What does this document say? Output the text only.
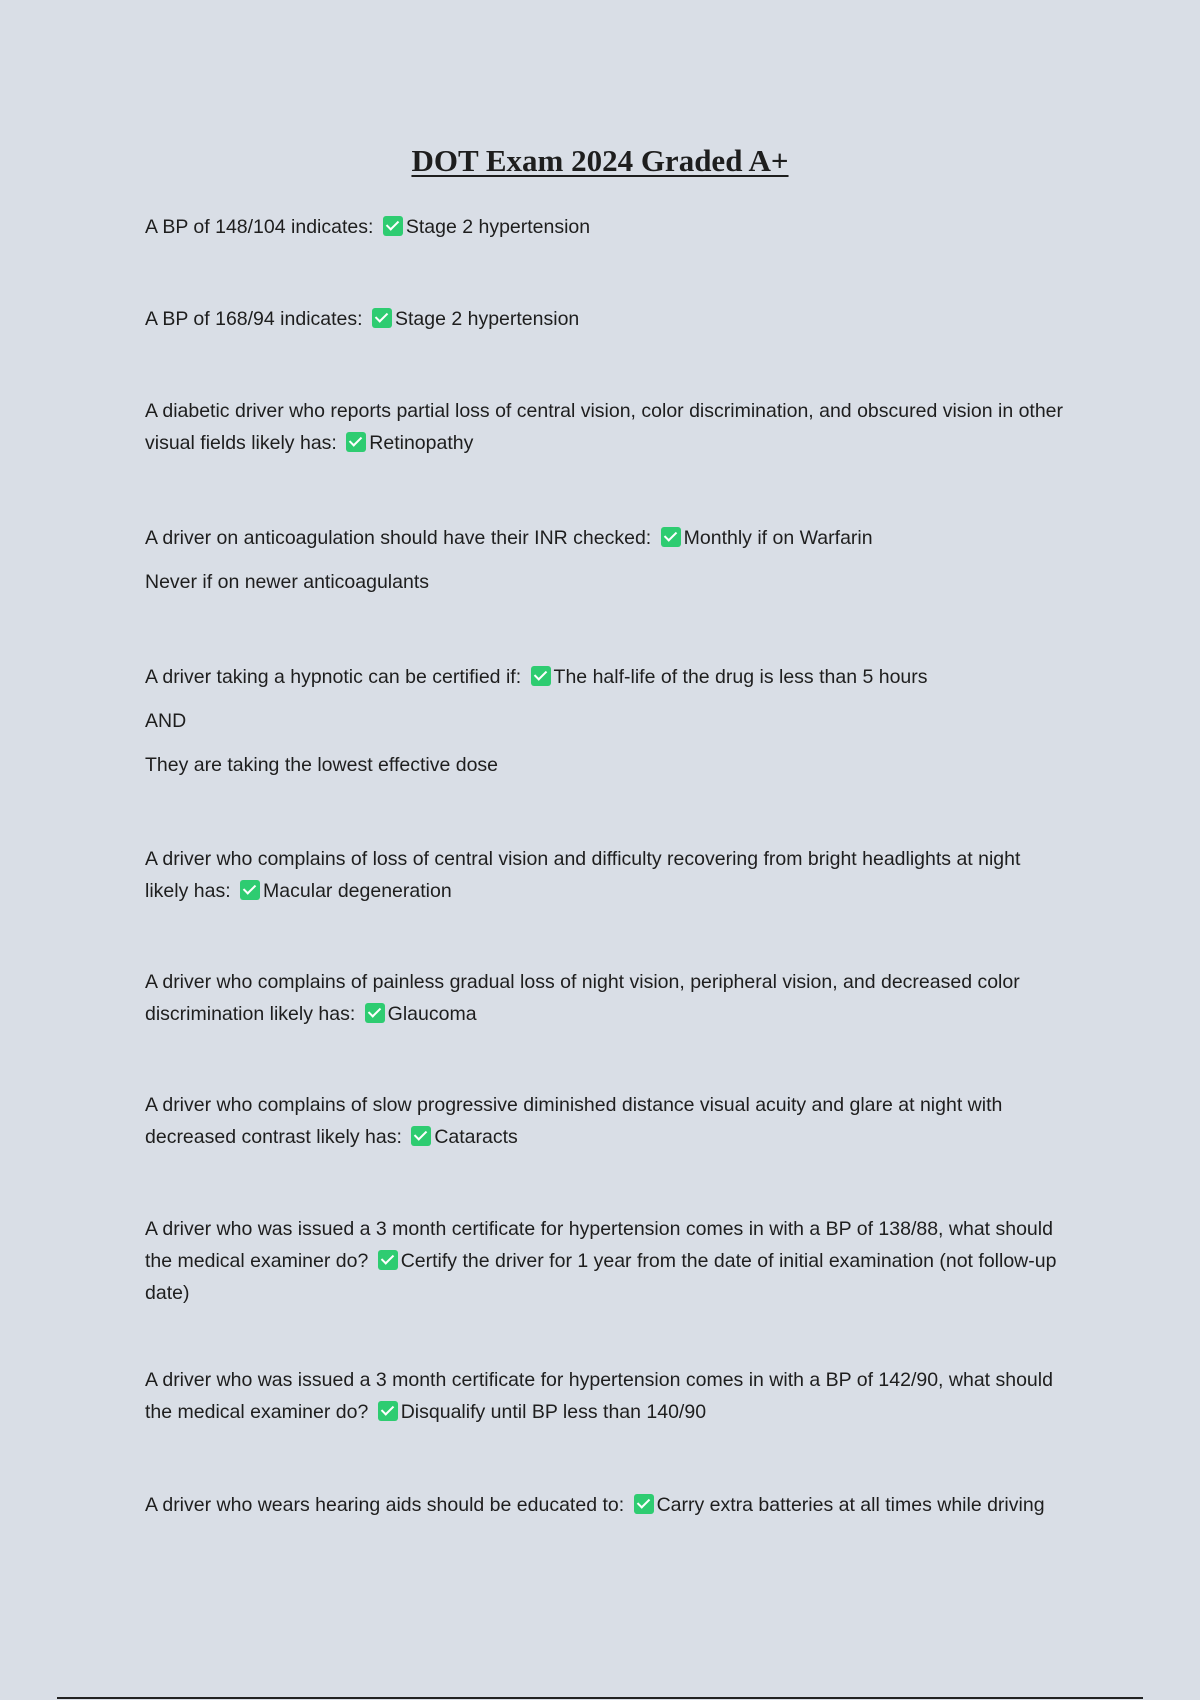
DOT Exam 2024 Graded A+

A BP of 148/104 indicates: Stage 2 hypertension

A BP of 168/94 indicates: Stage 2 hypertension

A diabetic driver who reports partial loss of central vision, color discrimination, and obscured vision in other visual fields likely has: Retinopathy

A driver on anticoagulation should have their INR checked: Monthly if on Warfarin

Never if on newer anticoagulants

A driver taking a hypnotic can be certified if: The half-life of the drug is less than 5 hours

AND

They are taking the lowest effective dose

A driver who complains of loss of central vision and difficulty recovering from bright headlights at night likely has: Macular degeneration

A driver who complains of painless gradual loss of night vision, peripheral vision, and decreased color discrimination likely has: Glaucoma

A driver who complains of slow progressive diminished distance visual acuity and glare at night with decreased contrast likely has: Cataracts

A driver who was issued a 3 month certificate for hypertension comes in with a BP of 138/88, what should the medical examiner do? Certify the driver for 1 year from the date of initial examination (not follow-up date)

A driver who was issued a 3 month certificate for hypertension comes in with a BP of 142/90, what should the medical examiner do? Disqualify until BP less than 140/90

A driver who wears hearing aids should be educated to: Carry extra batteries at all times while driving
